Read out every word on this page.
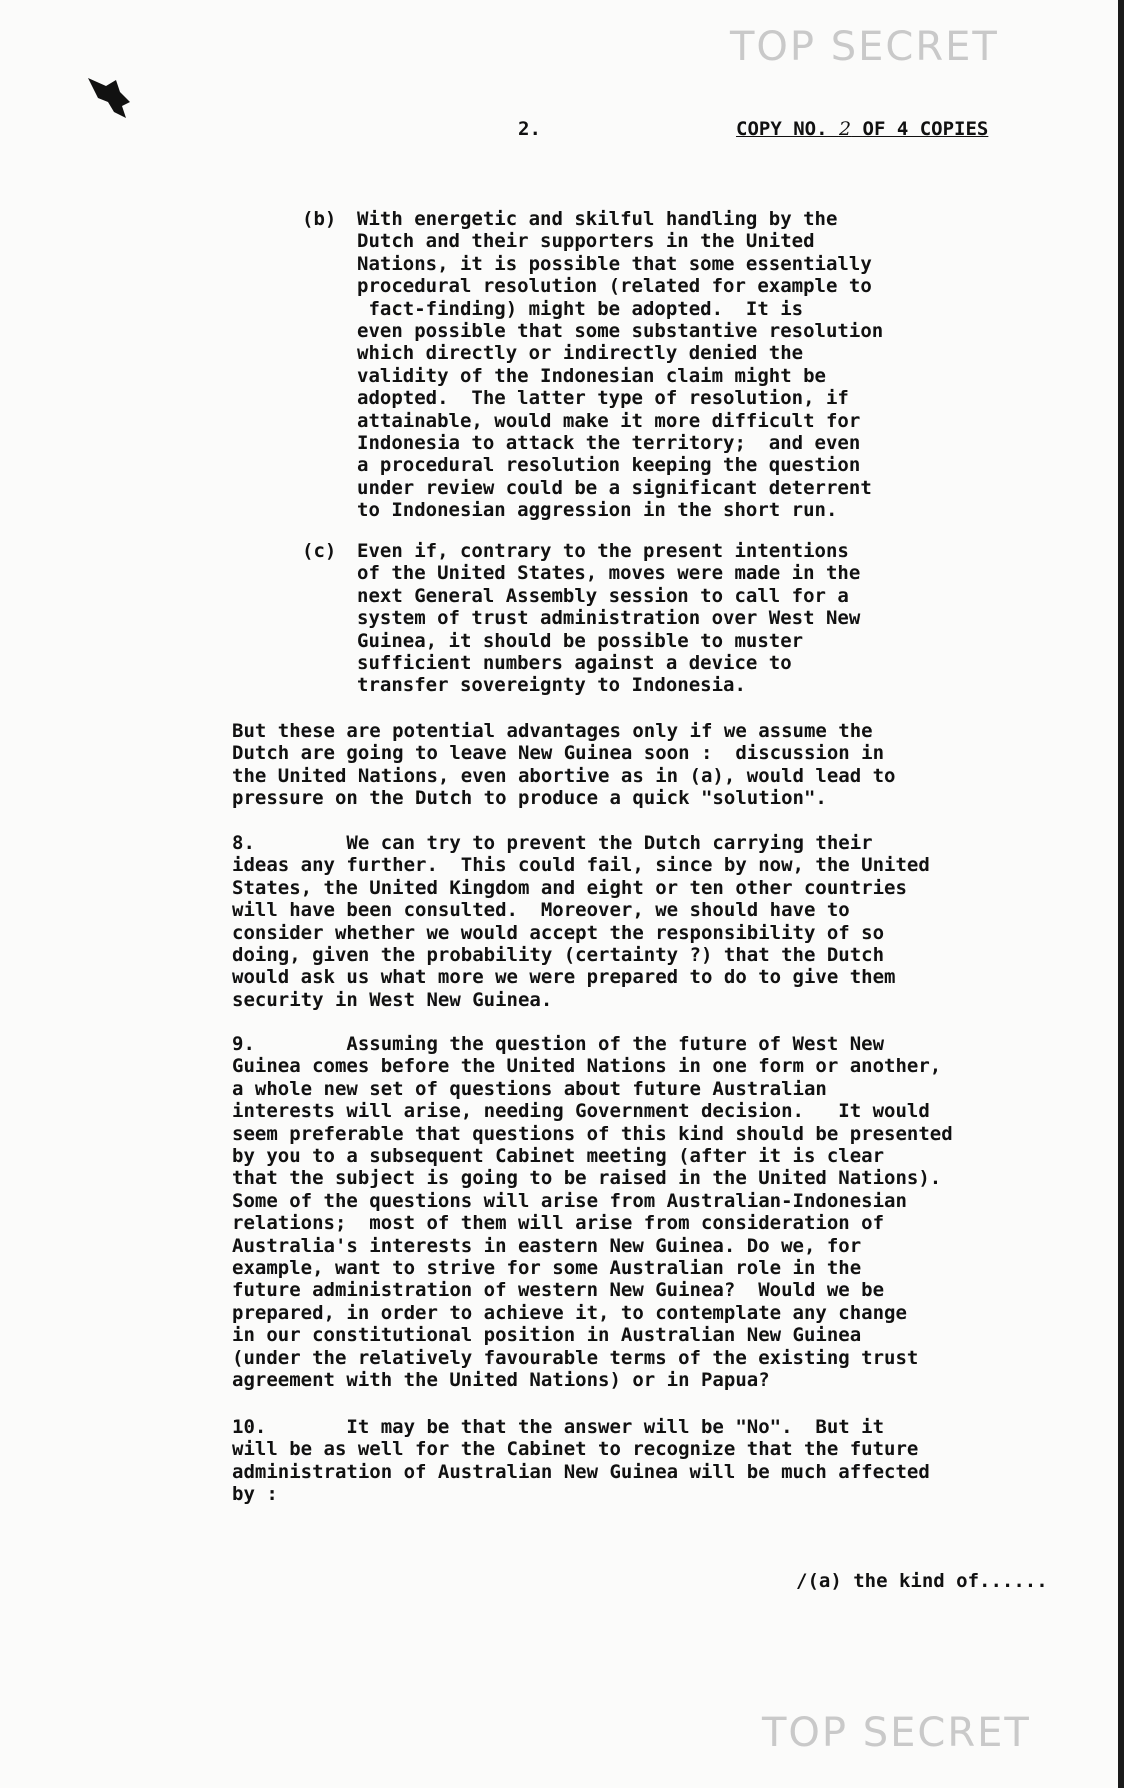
TOP SECRET
2.	COPY NO. 2 OF 4 COPIES
(b) With energetic and skilful handling by the
Dutch and their supporters in the United
Nations, it is possible that some essentially
procedural resolution (related for example to
fact-finding) might be adopted.  It is
even possible that some substantive resolution
which directly or indirectly denied the
validity of the Indonesian claim might be
adopted.  The latter type of resolution, if
attainable, would make it more difficult for
Indonesia to attack the territory;  and even
a procedural resolution keeping the question
under review could be a significant deterrent
to Indonesian aggression in the short run.
(c) Even if, contrary to the present intentions
of the United States, moves were made in the
next General Assembly session to call for a
system of trust administration over West New
Guinea, it should be possible to muster
sufficient numbers against a device to
transfer sovereignty to Indonesia.
But these are potential advantages only if we assume the
Dutch are going to leave New Guinea soon :  discussion in
the United Nations, even abortive as in (a), would lead to
pressure on the Dutch to produce a quick "solution".
8.        We can try to prevent the Dutch carrying their
ideas any further.  This could fail, since by now, the United
States, the United Kingdom and eight or ten other countries
will have been consulted.  Moreover, we should have to
consider whether we would accept the responsibility of so
doing, given the probability (certainty ?) that the Dutch
would ask us what more we were prepared to do to give them
security in West New Guinea.
9.        Assuming the question of the future of West New
Guinea comes before the United Nations in one form or another,
a whole new set of questions about future Australian
interests will arise, needing Government decision.   It would
seem preferable that questions of this kind should be presented
by you to a subsequent Cabinet meeting (after it is clear
that the subject is going to be raised in the United Nations).
Some of the questions will arise from Australian-Indonesian
relations;  most of them will arise from consideration of
Australia's interests in eastern New Guinea. Do we, for
example, want to strive for some Australian role in the
future administration of western New Guinea?  Would we be
prepared, in order to achieve it, to contemplate any change
in our constitutional position in Australian New Guinea
(under the relatively favourable terms of the existing trust
agreement with the United Nations) or in Papua?
10.       It may be that the answer will be "No".  But it
will be as well for the Cabinet to recognize that the future
administration of Australian New Guinea will be much affected
by :
/(a) the kind of......
TOP SECRET
